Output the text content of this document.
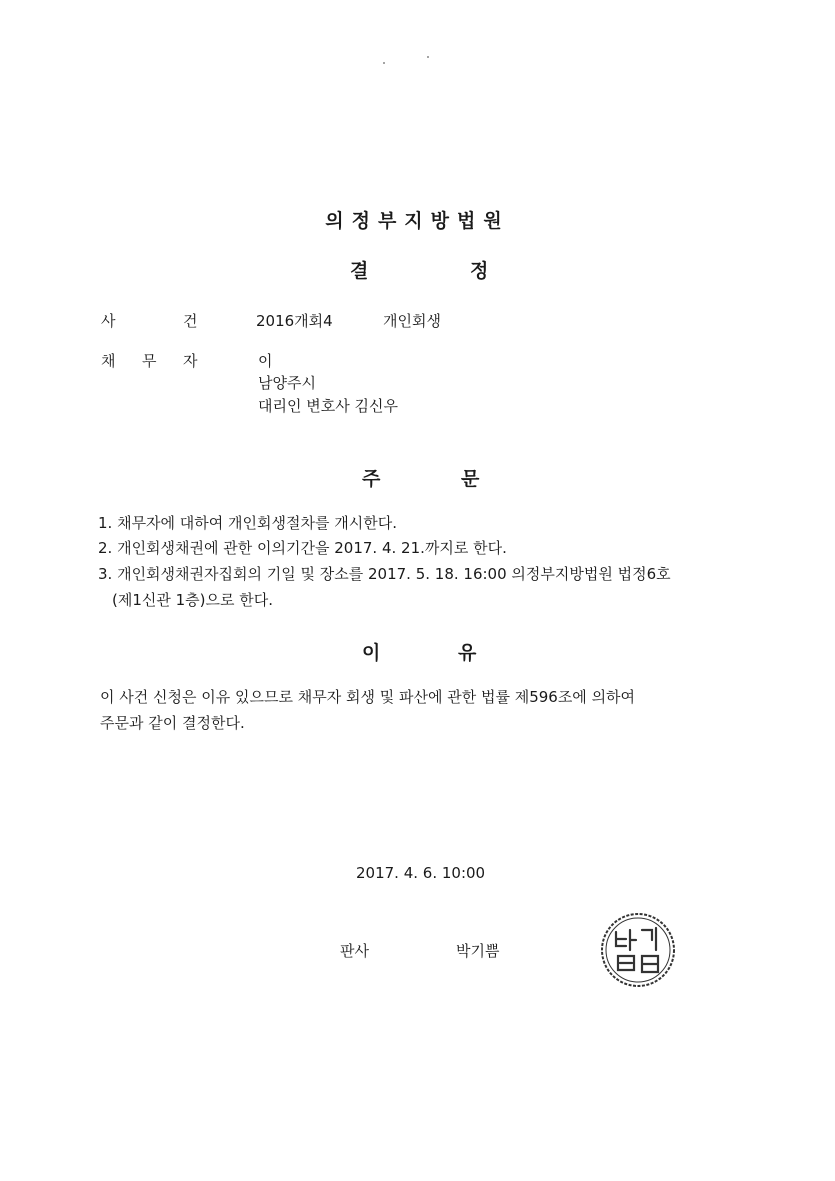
의정부지방법원
결	정
사	건	2016개회4	개인회생
채 무 자	이
남양주시
대리인 변호사 김신우
주	문
1. 채무자에 대하여 개인회생절차를 개시한다.
2. 개인회생채권에 관한 이의기간을 2017. 4. 21.까지로 한다.
3. 개인회생채권자집회의 기일 및 장소를 2017. 5. 18. 16:00 의정부지방법원 법정6호
(제1신관 1층)으로 한다.
이	유
이 사건 신청은 이유 있으므로 채무자 회생 및 파산에 관한 법률 제596조에 의하여
주문과 같이 결정한다.
2017. 4. 6. 10:00
판사	박기쁨
